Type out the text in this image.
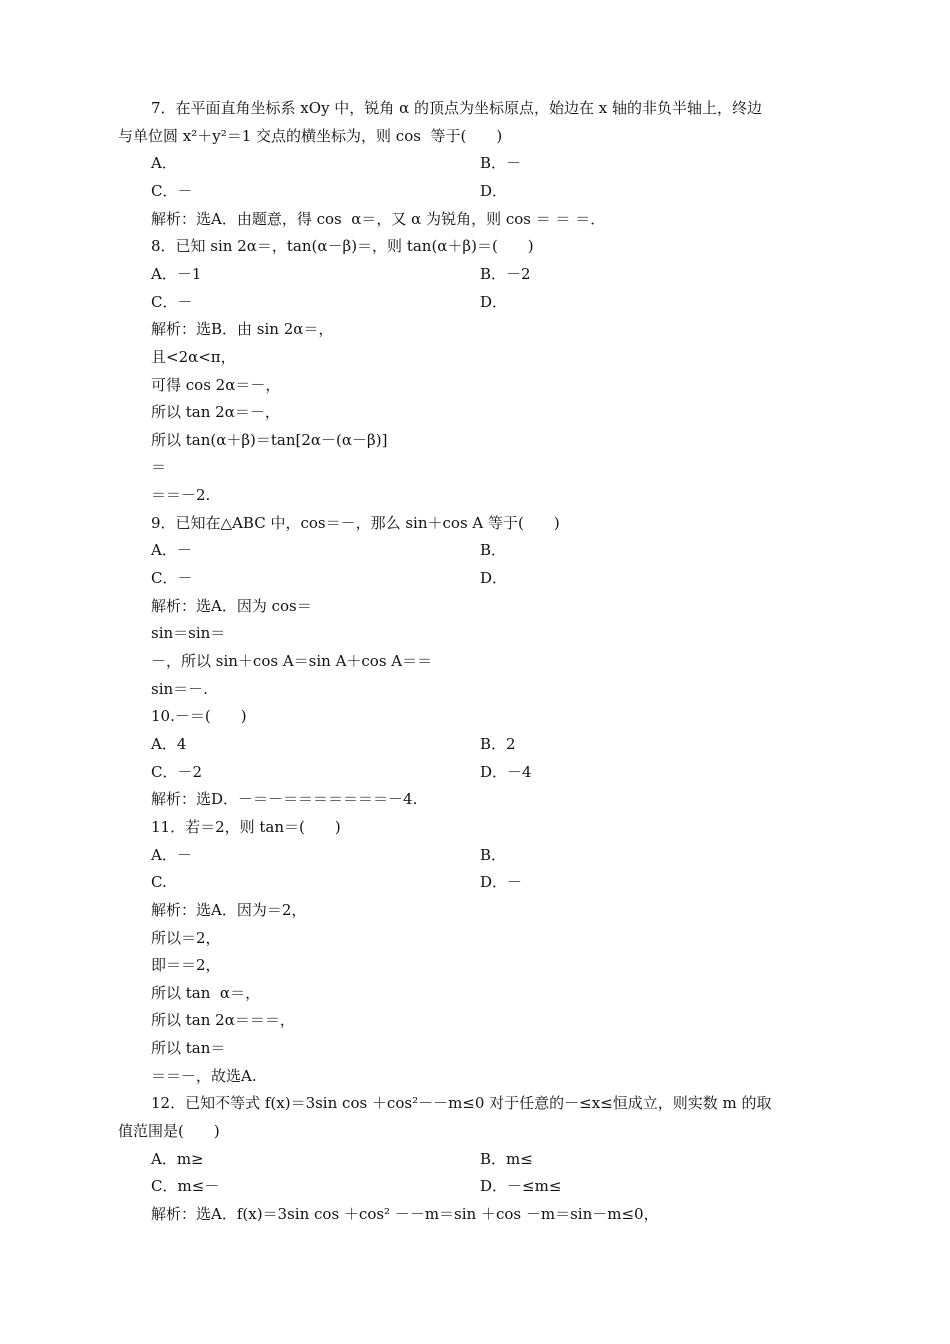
7．在平面直角坐标系 xOy 中，锐角 α 的顶点为坐标原点，始边在 x 轴的非负半轴上，终边
与单位圆 x²＋y²＝1 交点的横坐标为，则 cos  等于(　　)
A．	B．－
C．－	D．
解析：选A．由题意，得 cos  α＝，又 α 为锐角，则 cos ＝ ＝ ＝．
8．已知 sin 2α＝，tan(α－β)＝，则 tan(α＋β)＝(　　)
A．－1	B．－2
C．－	D．
解析：选B．由 sin 2α＝，
且<2α<π，
可得 cos 2α＝－，
所以 tan 2α＝－，
所以 tan(α＋β)＝tan[2α－(α－β)]
＝
＝＝－2.
9．已知在△ABC 中，cos＝－，那么 sin＋cos A 等于(　　)
A．－	B．
C．－	D．
解析：选A．因为 cos＝
sin＝sin＝
－，所以 sin＋cos A＝sin A＋cos A＝＝
sin＝－.
10.－＝(　　)
A．4	B．2
C．－2	D．－4
解析：选D．－＝－＝＝＝＝＝＝＝－4.
11．若＝2，则 tan＝(　　)
A．－	B．
C.	D．－
解析：选A．因为＝2，
所以＝2，
即＝＝2，
所以 tan  α＝，
所以 tan 2α＝＝＝，
所以 tan＝
＝＝－，故选A.
12．已知不等式 f(x)＝3sin cos ＋cos²－－m≤0 对于任意的－≤x≤恒成立，则实数 m 的取
值范围是(　　)
A．m≥	B．m≤
C．m≤－	D．－≤m≤
解析：选A．f(x)＝3sin cos ＋cos² －－m＝sin ＋cos －m＝sin－m≤0，
